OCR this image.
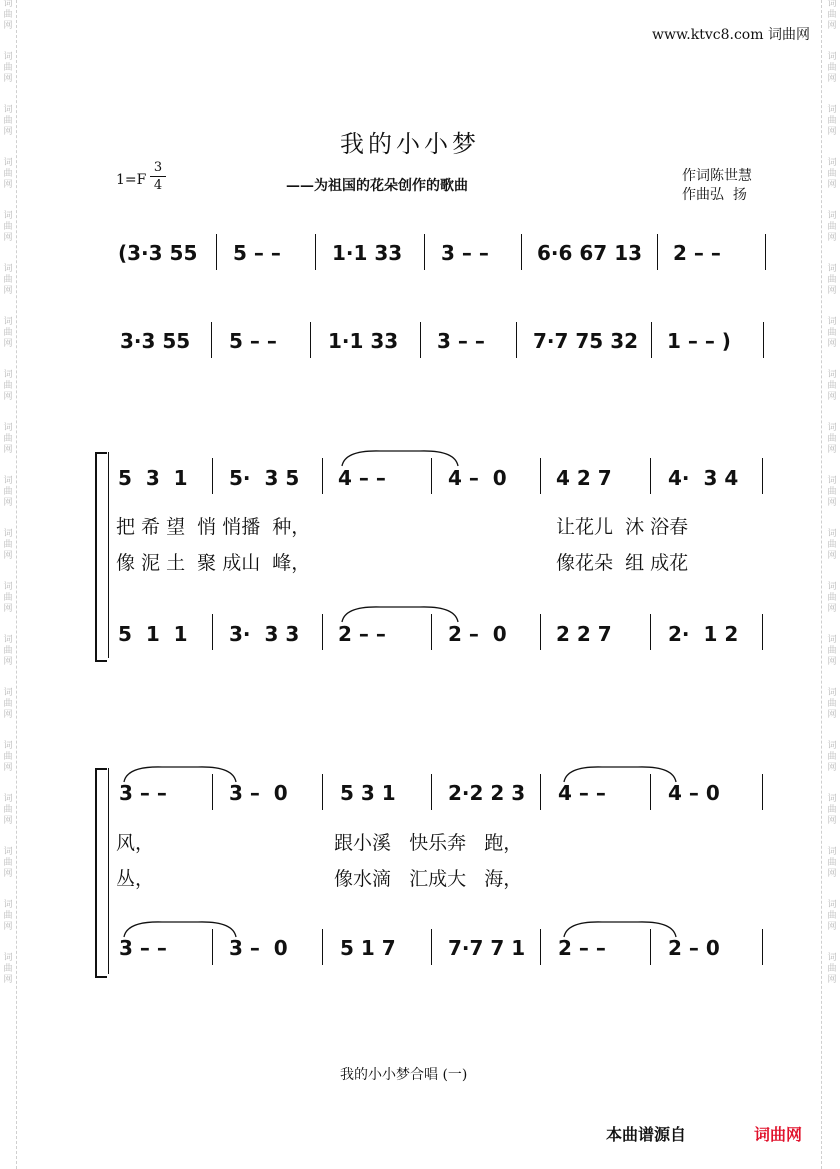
词
曲
网
词
曲
网
词
曲
网
词
曲
网
词
曲
网
词
曲
网
词
曲
网
词
曲
网
词
曲
网
词
曲
网
词
曲
网
词
曲
网
词
曲
网
词
曲
网
词
曲
网
词
曲
网
词
曲
网
词
曲
网
词
曲
网
词
曲
网
词
曲
网
词
曲
网
词
曲
网
词
曲
网
词
曲
网
词
曲
网
词
曲
网
词
曲
网
词
曲
网
词
曲
网
词
曲
网
词
曲
网
词
曲
网
词
曲
网
词
曲
网
词
曲
网
词
曲
网
词
曲
网
www.ktvc8.com 词曲网
我的小小梦
1=F
3
4	——为祖国的花朵创作的歌曲
作词陈世慧
作曲弘  扬
(3·3 55 5 – –	1·1 33 3 – – 6·6 67 13 2 – –
3·3 55 5 – –	1·1 33 3 – – 7·7 75 32 1 – – )
5  3  1 5·  3 5 4 – –	4 –  0 4 2 7	4·  3 4
把 希 望  悄 悄播  种，	让花儿  沐 浴春
像 泥 土  聚 成山  峰，	像花朵  组 成花
5  1  1 3·  3 3 2 – –	2 –  0 2 2 7	2·  1 2
3 – –	3 –  0	5 3 1	2·2 2 3 4 – –	4 – 0
风，	跟小溪   快乐奔   跑，
丛，	像水滴   汇成大   海，
3 – –	3 –  0	5 1 7	7·7 7 1 2 – –	2 – 0
我的小小梦合唱 (一)
本曲谱源自	词曲网
